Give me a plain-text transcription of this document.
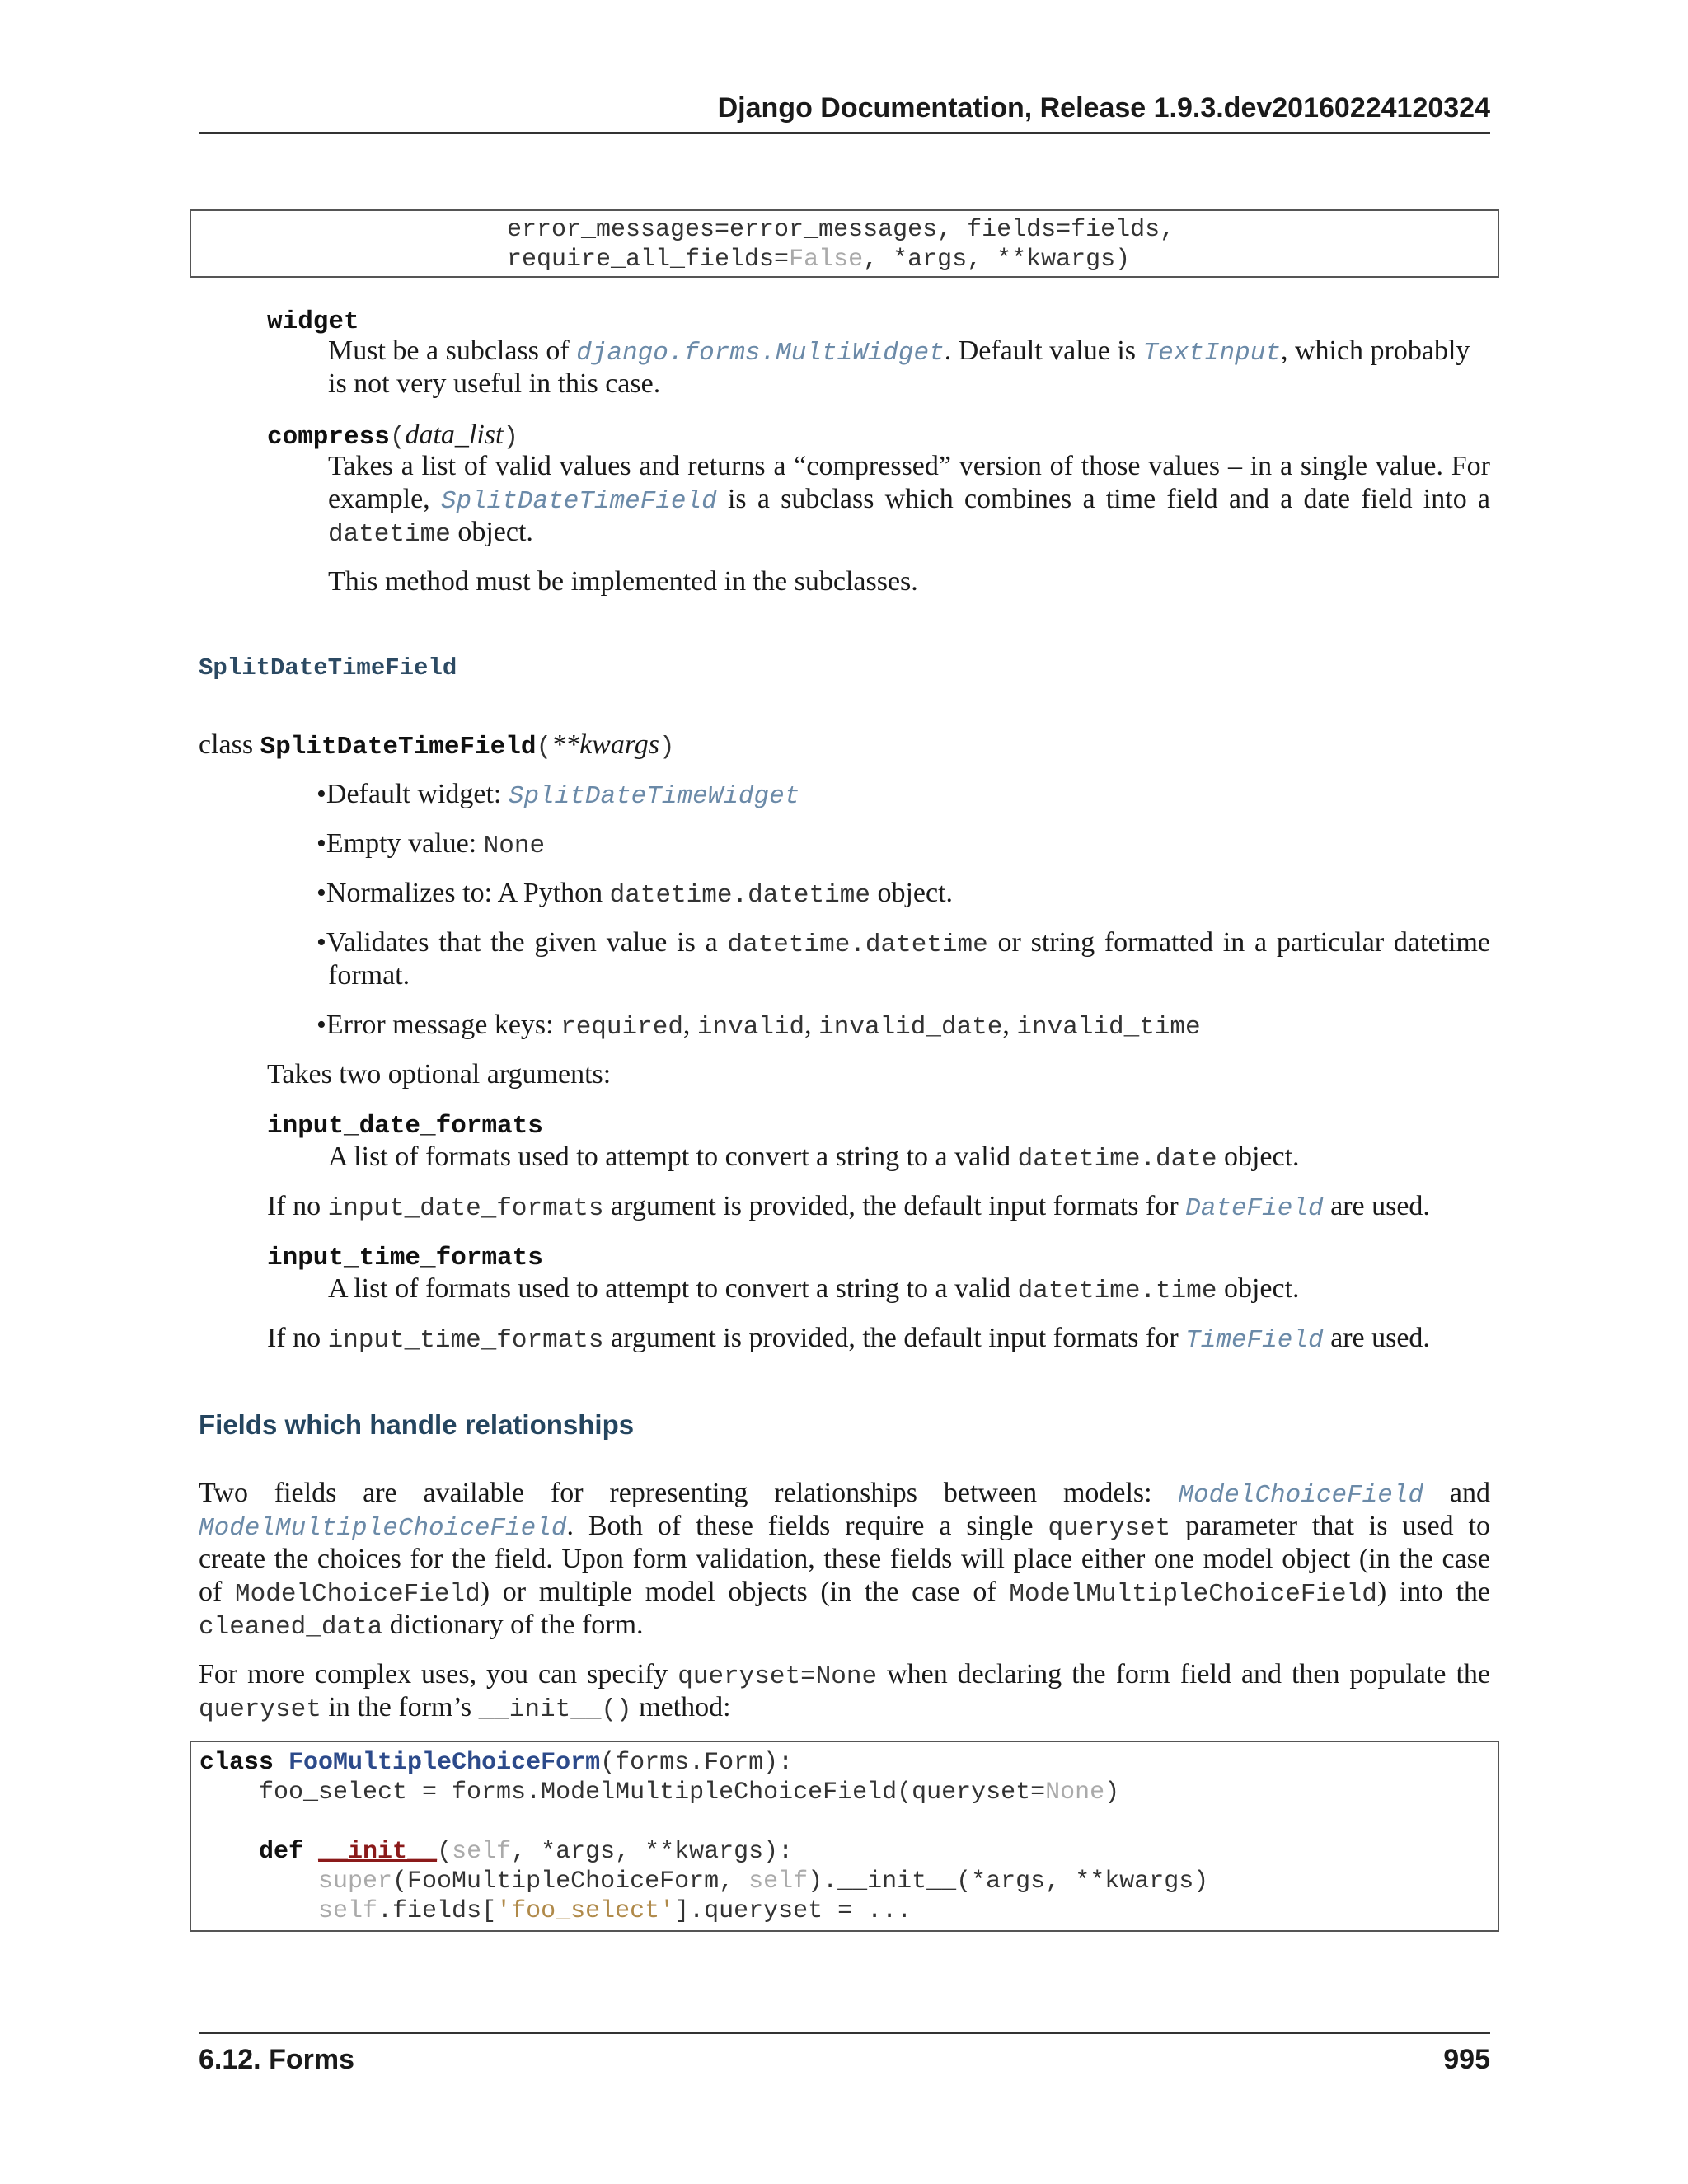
Django Documentation, Release 1.9.3.dev20160224120324
error_messages=error_messages, fields=fields,
require_all_fields=False, *args, **kwargs)
widget
Must be a subclass of django.forms.MultiWidget. Default value is TextInput, which probably
is not very useful in this case.
compress(data_list)
Takes a list of valid values and returns a “compressed” version of those values – in a single value. For
example, SplitDateTimeField is a subclass which combines a time field and a date field into a
datetime object.
This method must be implemented in the subclasses.
SplitDateTimeField
class SplitDateTimeField(**kwargs)
•Default widget: SplitDateTimeWidget
•Empty value: None
•Normalizes to: A Python datetime.datetime object.
•Validates that the given value is a datetime.datetime or string formatted in a particular datetime
format.
•Error message keys: required, invalid, invalid_date, invalid_time
Takes two optional arguments:
input_date_formats
A list of formats used to attempt to convert a string to a valid datetime.date object.
If no input_date_formats argument is provided, the default input formats for DateField are used.
input_time_formats
A list of formats used to attempt to convert a string to a valid datetime.time object.
If no input_time_formats argument is provided, the default input formats for TimeField are used.
Fields which handle relationships
Two fields are available for representing relationships between models: ModelChoiceField and
ModelMultipleChoiceField. Both of these fields require a single queryset parameter that is used to
create the choices for the field. Upon form validation, these fields will place either one model object (in the case
of ModelChoiceField) or multiple model objects (in the case of ModelMultipleChoiceField) into the
cleaned_data dictionary of the form.
For more complex uses, you can specify queryset=None when declaring the form field and then populate the
queryset in the form’s __init__() method:
class FooMultipleChoiceForm(forms.Form):
foo_select = forms.ModelMultipleChoiceField(queryset=None)
def __init__(self, *args, **kwargs):
super(FooMultipleChoiceForm, self).__init__(*args, **kwargs)
self.fields['foo_select'].queryset = ...
6.12. Forms	995
